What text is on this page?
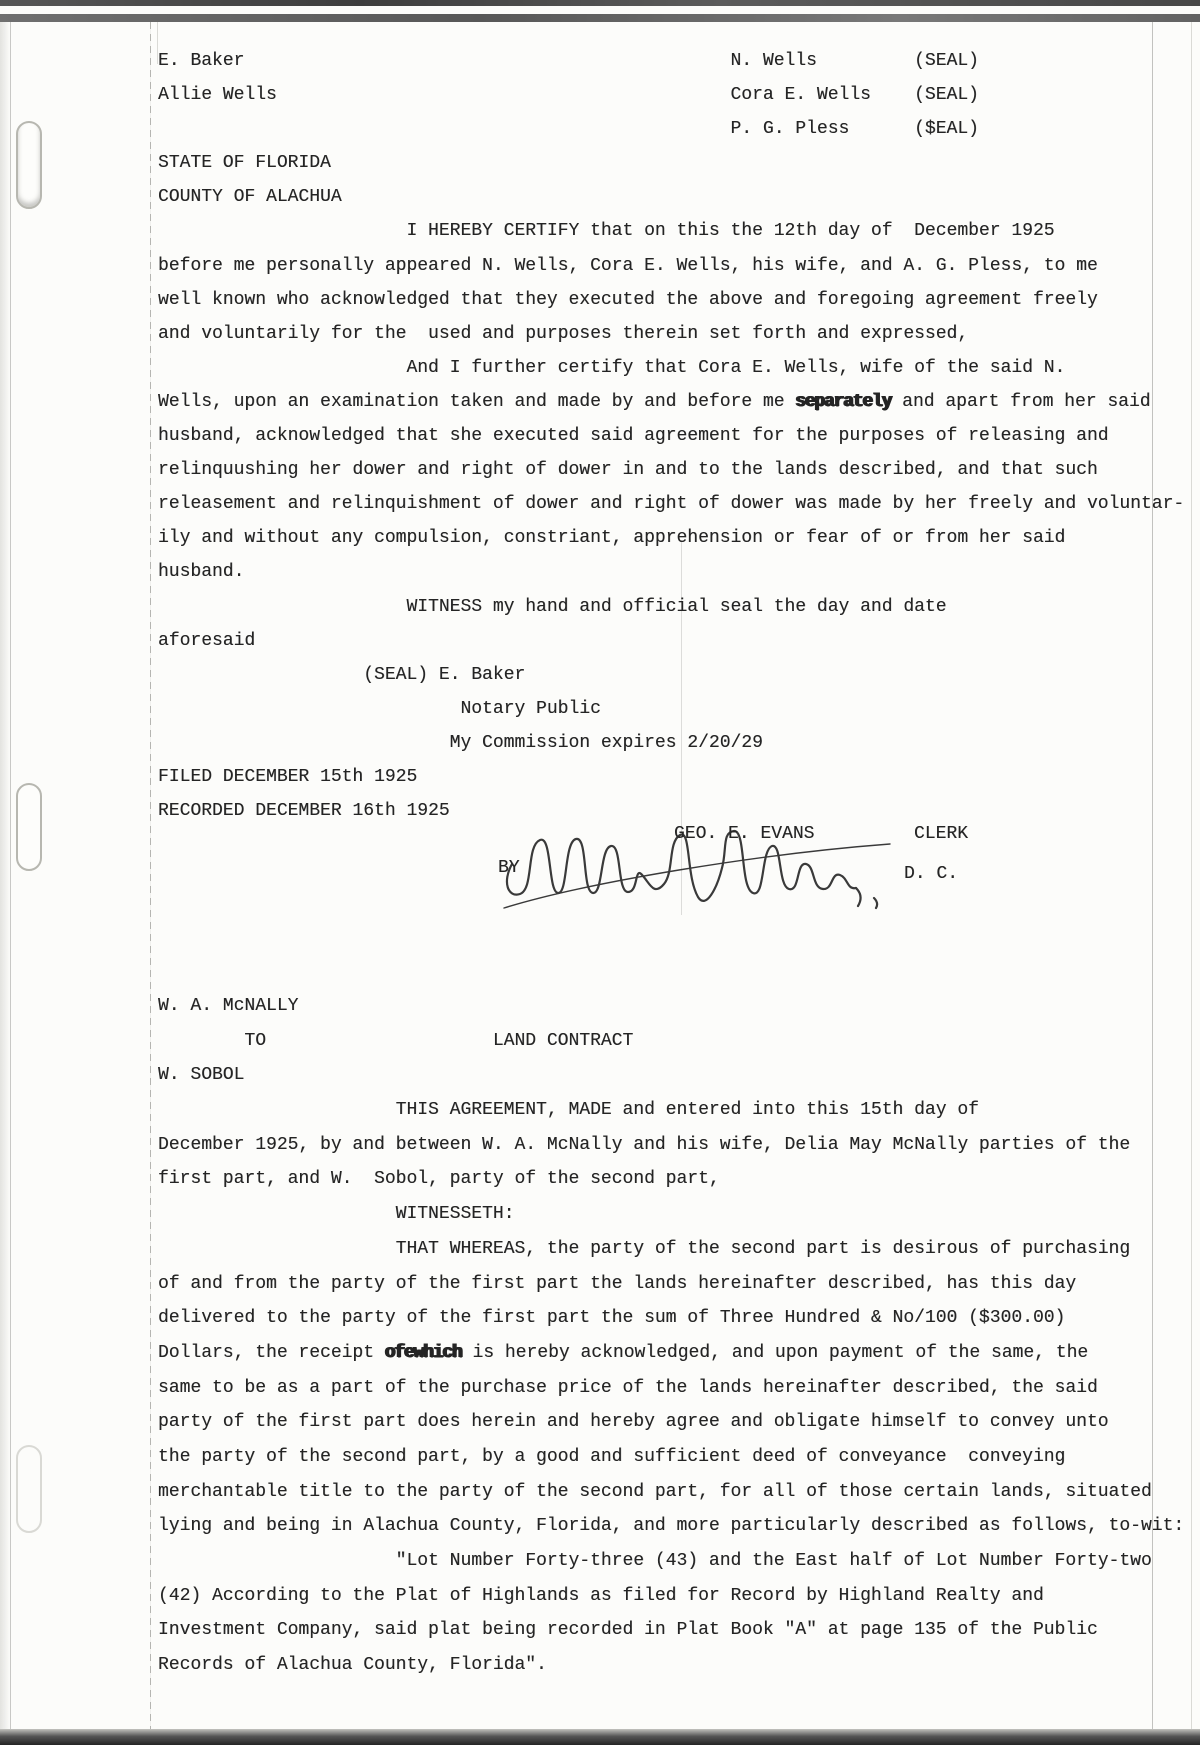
E. Baker                                             N. Wells         (SEAL)
Allie Wells                                          Cora E. Wells    (SEAL)
P. G. Pless      ($EAL)
STATE OF FLORIDA
COUNTY OF ALACHUA
I HEREBY CERTIFY that on this the 12th day of  December 1925
before me personally appeared N. Wells, Cora E. Wells, his wife, and A. G. Pless, to me
well known who acknowledged that they executed the above and foregoing agreement freely
and voluntarily for the  used and purposes therein set forth and expressed,
And I further certify that Cora E. Wells, wife of the said N.
Wells, upon an examination taken and made by and before me separately and apart from her said
husband, acknowledged that she executed said agreement for the purposes of releasing and
relinquushing her dower and right of dower in and to the lands described, and that such
releasement and relinquishment of dower and right of dower was made by her freely and voluntar-
ily and without any compulsion, constriant, apprehension or fear of or from her said
husband.
WITNESS my hand and official seal the day and date
aforesaid
(SEAL) E. Baker
Notary Public
My Commission expires 2/20/29
FILED DECEMBER 15th 1925
RECORDED DECEMBER 16th 1925
GEO. E. EVANS	CLERK
BY	D. C.
W. A. McNALLY
TO                     LAND CONTRACT
W. SOBOL
THIS AGREEMENT, MADE and entered into this 15th day of
December 1925, by and between W. A. McNally and his wife, Delia May McNally parties of the
first part, and W.  Sobol, party of the second part,
WITNESSETH:
THAT WHEREAS, the party of the second part is desirous of purchasing
of and from the party of the first part the lands hereinafter described, has this day
delivered to the party of the first part the sum of Three Hundred & No/100 ($300.00)
Dollars, the receipt ofewhich is hereby acknowledged, and upon payment of the same, the
same to be as a part of the purchase price of the lands hereinafter described, the said
party of the first part does herein and hereby agree and obligate himself to convey unto
the party of the second part, by a good and sufficient deed of conveyance  conveying
merchantable title to the party of the second part, for all of those certain lands, situated
lying and being in Alachua County, Florida, and more particularly described as follows, to-wit:
"Lot Number Forty-three (43) and the East half of Lot Number Forty-two
(42) According to the Plat of Highlands as filed for Record by Highland Realty and
Investment Company, said plat being recorded in Plat Book "A" at page 135 of the Public
Records of Alachua County, Florida".
